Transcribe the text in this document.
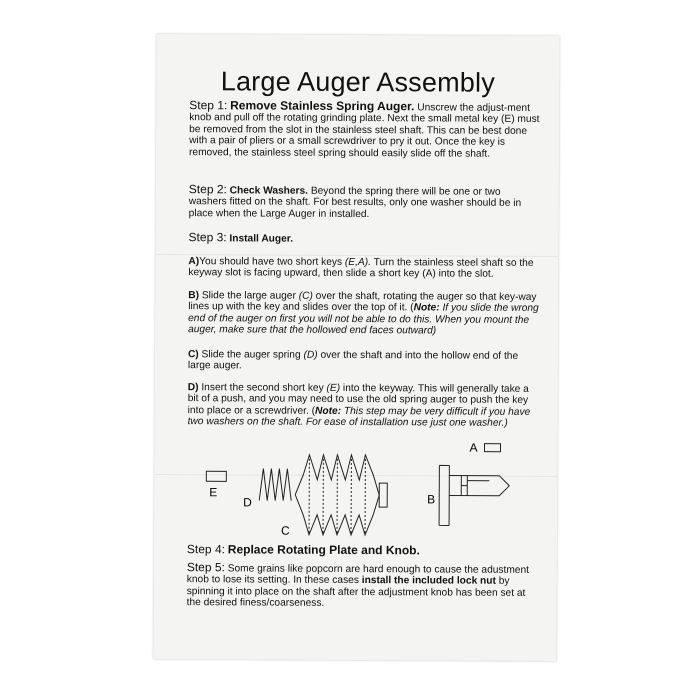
Large Auger Assembly
Step 1: Remove Stainless Spring Auger. Unscrew the adjust-ment knob and pull off the rotating grinding plate. Next the small metal key (E) must be removed from the slot in the stainless steel shaft. This can be best done with a pair of pliers or a small screwdriver to pry it out. Once the key is removed, the stainless steel spring should easily slide off the shaft.
Step 2: Check Washers. Beyond the spring there will be one or two washers fitted on the shaft. For best results, only one washer should be in place when the Large Auger in installed.
Step 3: Install Auger.
A)You should have two short keys (E,A). Turn the stainless steel shaft so the keyway slot is facing upward, then slide a short key (A) into the slot.
B) Slide the large auger (C) over the shaft, rotating the auger so that key-way lines up with the key and slides over the top of it. (Note: If you slide the wrong end of the auger on first you will not be able to do this. When you mount the auger, make sure that the hollowed end faces outward)
C) Slide the auger spring (D) over the shaft and into the hollow end of the large auger.
D) Insert the second short key (E) into the keyway. This will generally take a bit of a push, and you may need to use the old spring auger to push the key into place or a screwdriver. (Note: This step may be very difficult if you have two washers on the shaft. For ease of installation use just one washer.)
E
D
C
B
A
Step 4: Replace Rotating Plate and Knob.
Step 5: Some grains like popcorn are hard enough to cause the adustment knob to lose its setting. In these cases install the included lock nut by spinning it into place on the shaft after the adjustment knob has been set at the desired finess/coarseness.
